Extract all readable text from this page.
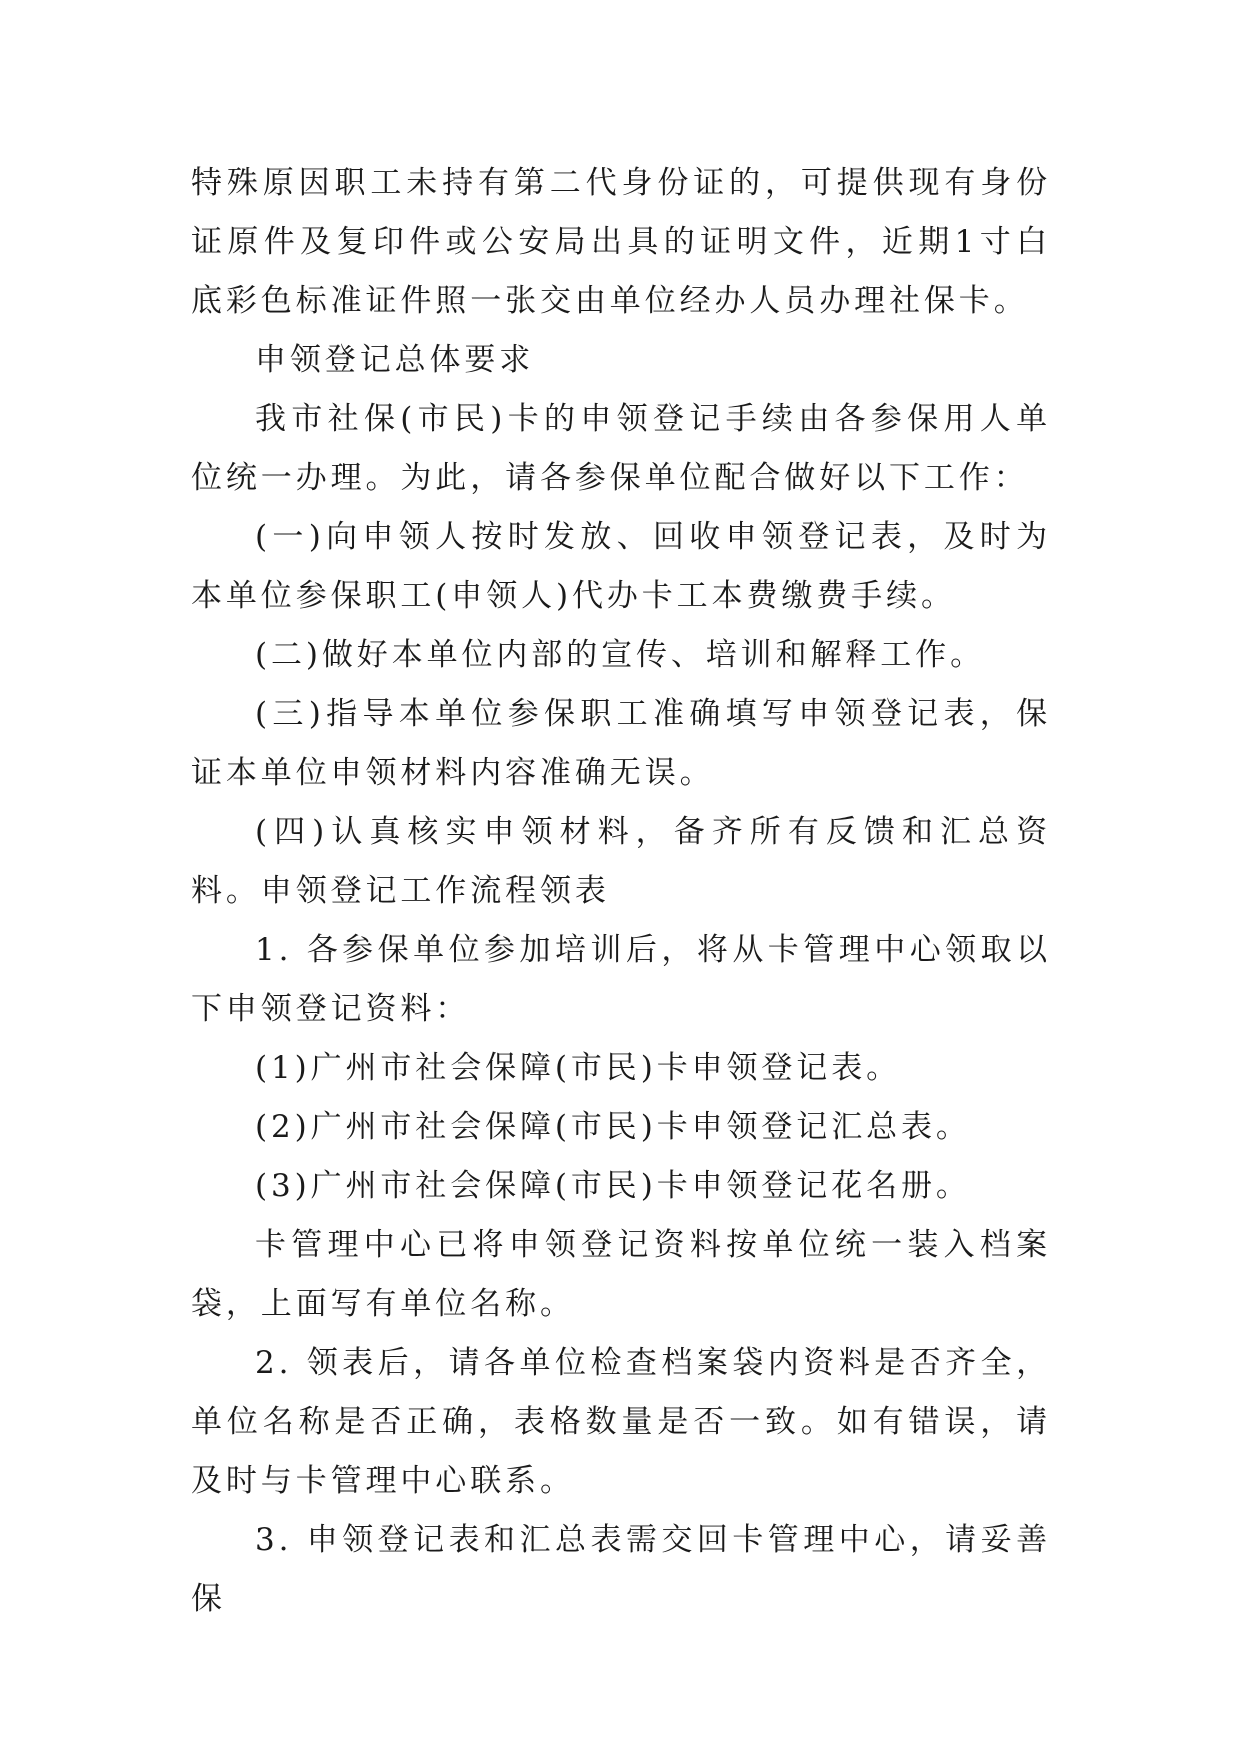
特殊原因职工未持有第二代身份证的，可提供现有身份证原件及复印件或公安局出具的证明文件，近期1寸白底彩色标准证件照一张交由单位经办人员办理社保卡。

申领登记总体要求

我市社保(市民)卡的申领登记手续由各参保用人单位统一办理。为此，请各参保单位配合做好以下工作：

(一)向申领人按时发放、回收申领登记表，及时为本单位参保职工(申领人)代办卡工本费缴费手续。

(二)做好本单位内部的宣传、培训和解释工作。

(三)指导本单位参保职工准确填写申领登记表，保证本单位申领材料内容准确无误。

(四)认真核实申领材料，备齐所有反馈和汇总资料。申领登记工作流程领表

1. 各参保单位参加培训后，将从卡管理中心领取以下申领登记资料：

(1)广州市社会保障(市民)卡申领登记表。

(2)广州市社会保障(市民)卡申领登记汇总表。

(3)广州市社会保障(市民)卡申领登记花名册。

卡管理中心已将申领登记资料按单位统一装入档案袋，上面写有单位名称。

2. 领表后，请各单位检查档案袋内资料是否齐全，单位名称是否正确，表格数量是否一致。如有错误，请及时与卡管理中心联系。

3. 申领登记表和汇总表需交回卡管理中心，请妥善保
